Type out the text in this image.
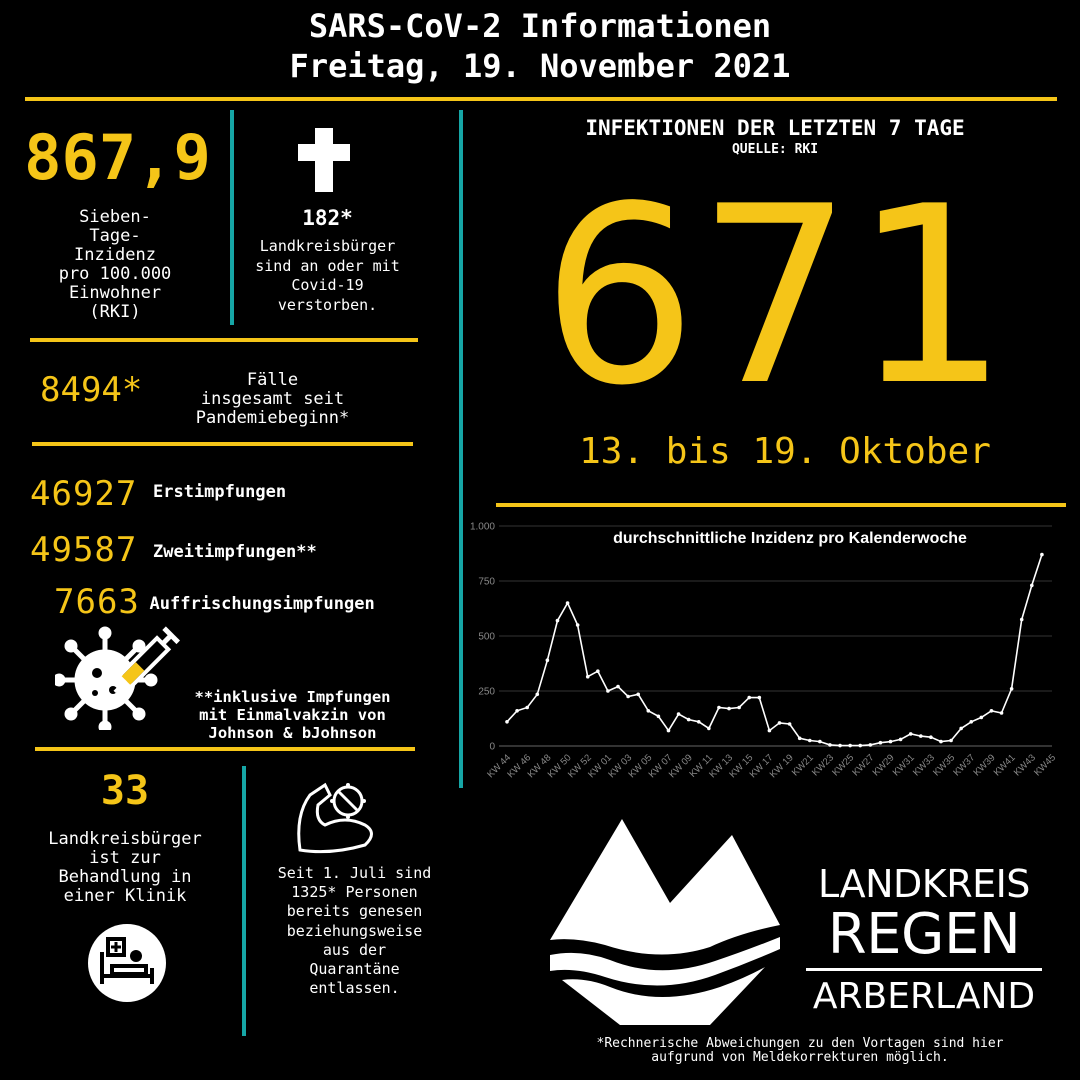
SARS-CoV-2 Informationen
Freitag, 19. November 2021
867,9
Sieben-
Tage-
Inzidenz
pro 100.000
Einwohner
(RKI)
182*
Landkreisbürger
sind an oder mit
Covid-19
verstorben.
8494*	Fälle
insgesamt seit
Pandemiebeginn*
46927 Erstimpfungen
49587 Zweitimpfungen**
7663 Auffrischungsimpfungen
**inklusive Impfungen
mit Einmalvakzin von
Johnson & bJohnson
33
Landkreisbürger
ist zur
Behandlung in
einer Klinik
Seit 1. Juli sind
1325* Personen
bereits genesen
beziehungsweise
aus der
Quarantäne
entlassen.
INFEKTIONEN DER LETZTEN 7 TAGE
QUELLE: RKI
671
13. bis 19. Oktober
durchschnittliche Inzidenz pro Kalenderwoche
0
250
500
750
1.000
KW 44
KW 46
KW 48
KW 50
KW 52
KW 01
KW 03
KW 05
KW 07
KW 09
KW 11
KW 13
KW 15
KW 17
KW 19
KW21
KW23
KW25
KW27
KW29
KW31
KW33
KW35
KW37
KW39
KW41
KW43
KW45
LANDKREIS
REGEN
ARBERLAND
*Rechnerische Abweichungen zu den Vortagen sind hier
aufgrund von Meldekorrekturen möglich.
